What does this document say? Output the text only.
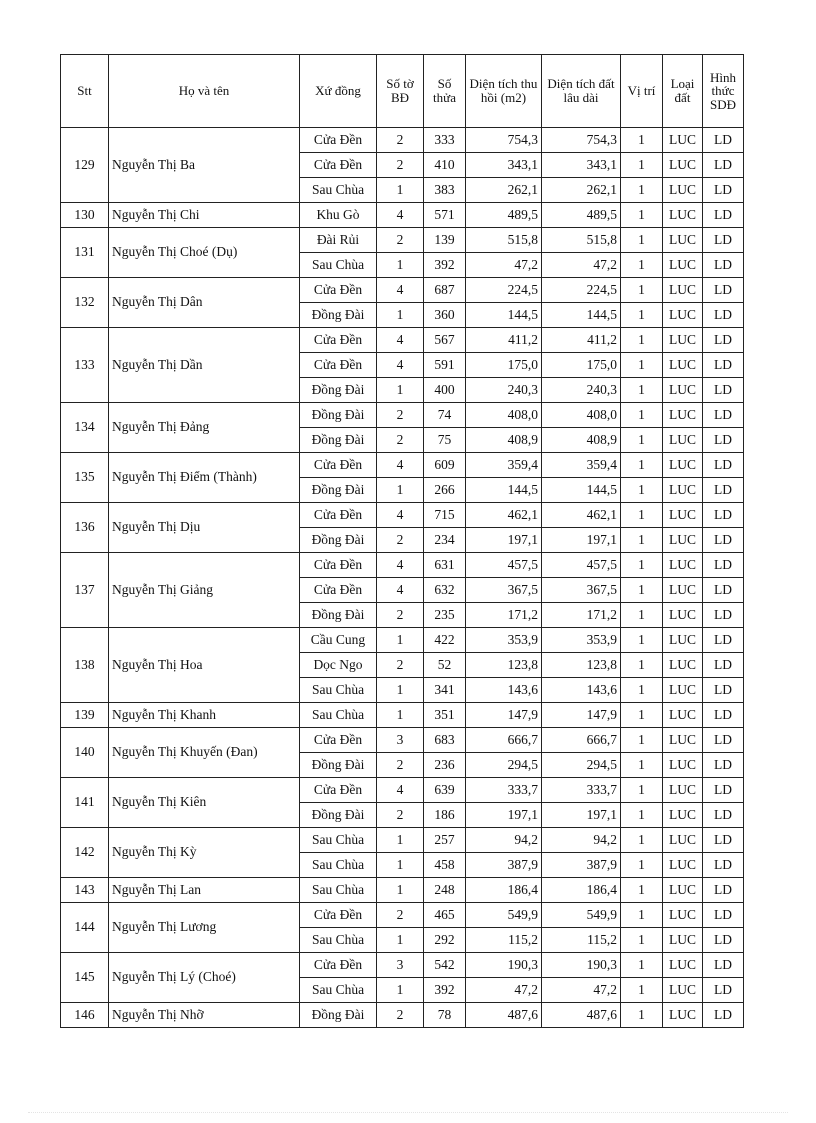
Stt	Họ và tên	Xứ đồng	Số tờ BĐ	Số thửa	Diện tích thu hồi (m2)	Diện tích đất lâu dài	Vị trí	Loại đất	Hình thức SDĐ
129	Nguyễn Thị Ba	Cửa Đền	2	333	754,3	754,3	1	LUC	LD
		Cửa Đền	2	410	343,1	343,1	1	LUC	LD
		Sau Chùa	1	383	262,1	262,1	1	LUC	LD
130	Nguyễn Thị Chi	Khu Gò	4	571	489,5	489,5	1	LUC	LD
131	Nguyễn Thị Choé (Dụ)	Đài Rủi	2	139	515,8	515,8	1	LUC	LD
		Sau Chùa	1	392	47,2	47,2	1	LUC	LD
132	Nguyễn Thị Dân	Cửa Đền	4	687	224,5	224,5	1	LUC	LD
		Đồng Đài	1	360	144,5	144,5	1	LUC	LD
133	Nguyễn Thị Dần	Cửa Đền	4	567	411,2	411,2	1	LUC	LD
		Cửa Đền	4	591	175,0	175,0	1	LUC	LD
		Đồng Đài	1	400	240,3	240,3	1	LUC	LD
134	Nguyễn Thị Đảng	Đồng Đài	2	74	408,0	408,0	1	LUC	LD
		Đồng Đài	2	75	408,9	408,9	1	LUC	LD
135	Nguyễn Thị Điểm (Thành)	Cửa Đền	4	609	359,4	359,4	1	LUC	LD
		Đồng Đài	1	266	144,5	144,5	1	LUC	LD
136	Nguyễn Thị Dịu	Cửa Đền	4	715	462,1	462,1	1	LUC	LD
		Đồng Đài	2	234	197,1	197,1	1	LUC	LD
137	Nguyễn Thị Giảng	Cửa Đền	4	631	457,5	457,5	1	LUC	LD
		Cửa Đền	4	632	367,5	367,5	1	LUC	LD
		Đồng Đài	2	235	171,2	171,2	1	LUC	LD
138	Nguyễn Thị Hoa	Cầu Cung	1	422	353,9	353,9	1	LUC	LD
		Dọc Ngo	2	52	123,8	123,8	1	LUC	LD
		Sau Chùa	1	341	143,6	143,6	1	LUC	LD
139	Nguyễn Thị Khanh	Sau Chùa	1	351	147,9	147,9	1	LUC	LD
140	Nguyễn Thị Khuyến (Đan)	Cửa Đền	3	683	666,7	666,7	1	LUC	LD
		Đồng Đài	2	236	294,5	294,5	1	LUC	LD
141	Nguyễn Thị Kiên	Cửa Đền	4	639	333,7	333,7	1	LUC	LD
		Đồng Đài	2	186	197,1	197,1	1	LUC	LD
142	Nguyễn Thị Kỳ	Sau Chùa	1	257	94,2	94,2	1	LUC	LD
		Sau Chùa	1	458	387,9	387,9	1	LUC	LD
143	Nguyễn Thị Lan	Sau Chùa	1	248	186,4	186,4	1	LUC	LD
144	Nguyễn Thị Lương	Cửa Đền	2	465	549,9	549,9	1	LUC	LD
		Sau Chùa	1	292	115,2	115,2	1	LUC	LD
145	Nguyễn Thị Lý (Choé)	Cửa Đền	3	542	190,3	190,3	1	LUC	LD
		Sau Chùa	1	392	47,2	47,2	1	LUC	LD
146	Nguyễn Thị Nhỡ	Đồng Đài	2	78	487,6	487,6	1	LUC	LD
